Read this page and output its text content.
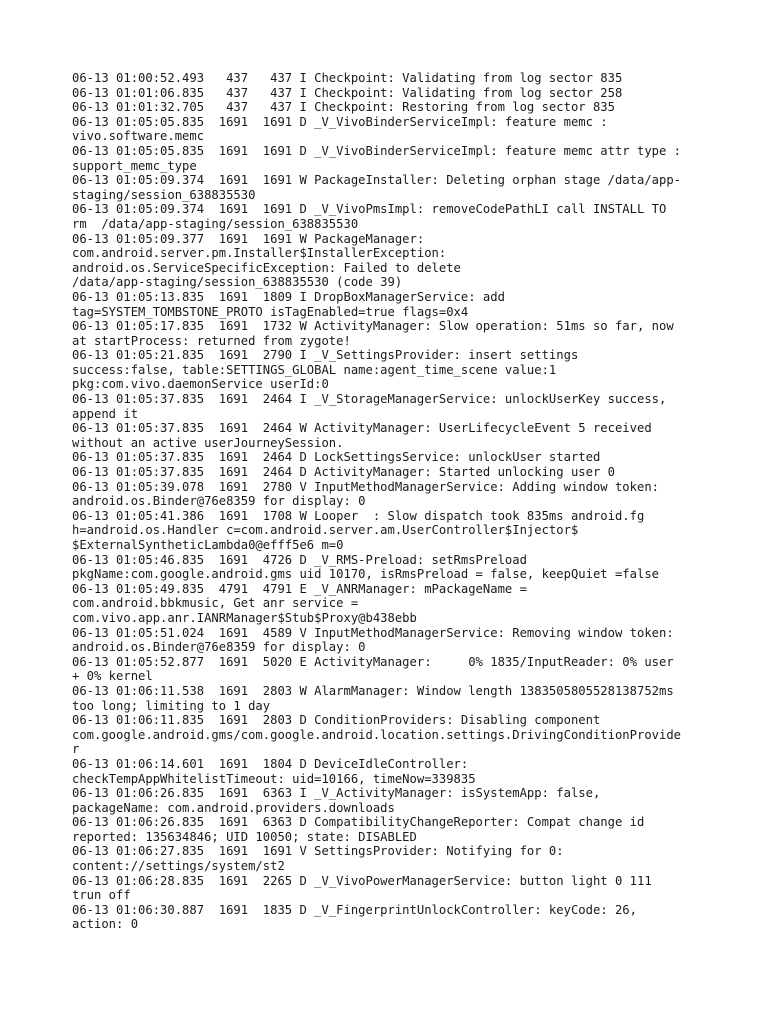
06-13 01:00:52.493   437   437 I Checkpoint: Validating from log sector 835
06-13 01:01:06.835   437   437 I Checkpoint: Validating from log sector 258
06-13 01:01:32.705   437   437 I Checkpoint: Restoring from log sector 835
06-13 01:05:05.835  1691  1691 D _V_VivoBinderServiceImpl: feature memc :
vivo.software.memc
06-13 01:05:05.835  1691  1691 D _V_VivoBinderServiceImpl: feature memc attr type :
support_memc_type
06-13 01:05:09.374  1691  1691 W PackageInstaller: Deleting orphan stage /data/app-
staging/session_638835530
06-13 01:05:09.374  1691  1691 D _V_VivoPmsImpl: removeCodePathLI call INSTALL TO
rm  /data/app-staging/session_638835530
06-13 01:05:09.377  1691  1691 W PackageManager:
com.android.server.pm.Installer$InstallerException:
android.os.ServiceSpecificException: Failed to delete
/data/app-staging/session_638835530 (code 39)
06-13 01:05:13.835  1691  1809 I DropBoxManagerService: add
tag=SYSTEM_TOMBSTONE_PROTO isTagEnabled=true flags=0x4
06-13 01:05:17.835  1691  1732 W ActivityManager: Slow operation: 51ms so far, now
at startProcess: returned from zygote!
06-13 01:05:21.835  1691  2790 I _V_SettingsProvider: insert settings
success:false, table:SETTINGS_GLOBAL name:agent_time_scene value:1
pkg:com.vivo.daemonService userId:0
06-13 01:05:37.835  1691  2464 I _V_StorageManagerService: unlockUserKey success,
append it
06-13 01:05:37.835  1691  2464 W ActivityManager: UserLifecycleEvent 5 received
without an active userJourneySession.
06-13 01:05:37.835  1691  2464 D LockSettingsService: unlockUser started
06-13 01:05:37.835  1691  2464 D ActivityManager: Started unlocking user 0
06-13 01:05:39.078  1691  2780 V InputMethodManagerService: Adding window token:
android.os.Binder@76e8359 for display: 0
06-13 01:05:41.386  1691  1708 W Looper  : Slow dispatch took 835ms android.fg
h=android.os.Handler c=com.android.server.am.UserController$Injector$
$ExternalSyntheticLambda0@efff5e6 m=0
06-13 01:05:46.835  1691  4726 D _V_RMS-Preload: setRmsPreload
pkgName:com.google.android.gms uid 10170, isRmsPreload = false, keepQuiet =false
06-13 01:05:49.835  4791  4791 E _V_ANRManager: mPackageName =
com.android.bbkmusic, Get anr service =
com.vivo.app.anr.IANRManager$Stub$Proxy@b438ebb
06-13 01:05:51.024  1691  4589 V InputMethodManagerService: Removing window token:
android.os.Binder@76e8359 for display: 0
06-13 01:05:52.877  1691  5020 E ActivityManager:     0% 1835/InputReader: 0% user
+ 0% kernel
06-13 01:06:11.538  1691  2803 W AlarmManager: Window length 1383505805528138752ms
too long; limiting to 1 day
06-13 01:06:11.835  1691  2803 D ConditionProviders: Disabling component
com.google.android.gms/com.google.android.location.settings.DrivingConditionProvide
r
06-13 01:06:14.601  1691  1804 D DeviceIdleController:
checkTempAppWhitelistTimeout: uid=10166, timeNow=339835
06-13 01:06:26.835  1691  6363 I _V_ActivityManager: isSystemApp: false,
packageName: com.android.providers.downloads
06-13 01:06:26.835  1691  6363 D CompatibilityChangeReporter: Compat change id
reported: 135634846; UID 10050; state: DISABLED
06-13 01:06:27.835  1691  1691 V SettingsProvider: Notifying for 0:
content://settings/system/st2
06-13 01:06:28.835  1691  2265 D _V_VivoPowerManagerService: button light 0 111
trun off
06-13 01:06:30.887  1691  1835 D _V_FingerprintUnlockController: keyCode: 26,
action: 0
